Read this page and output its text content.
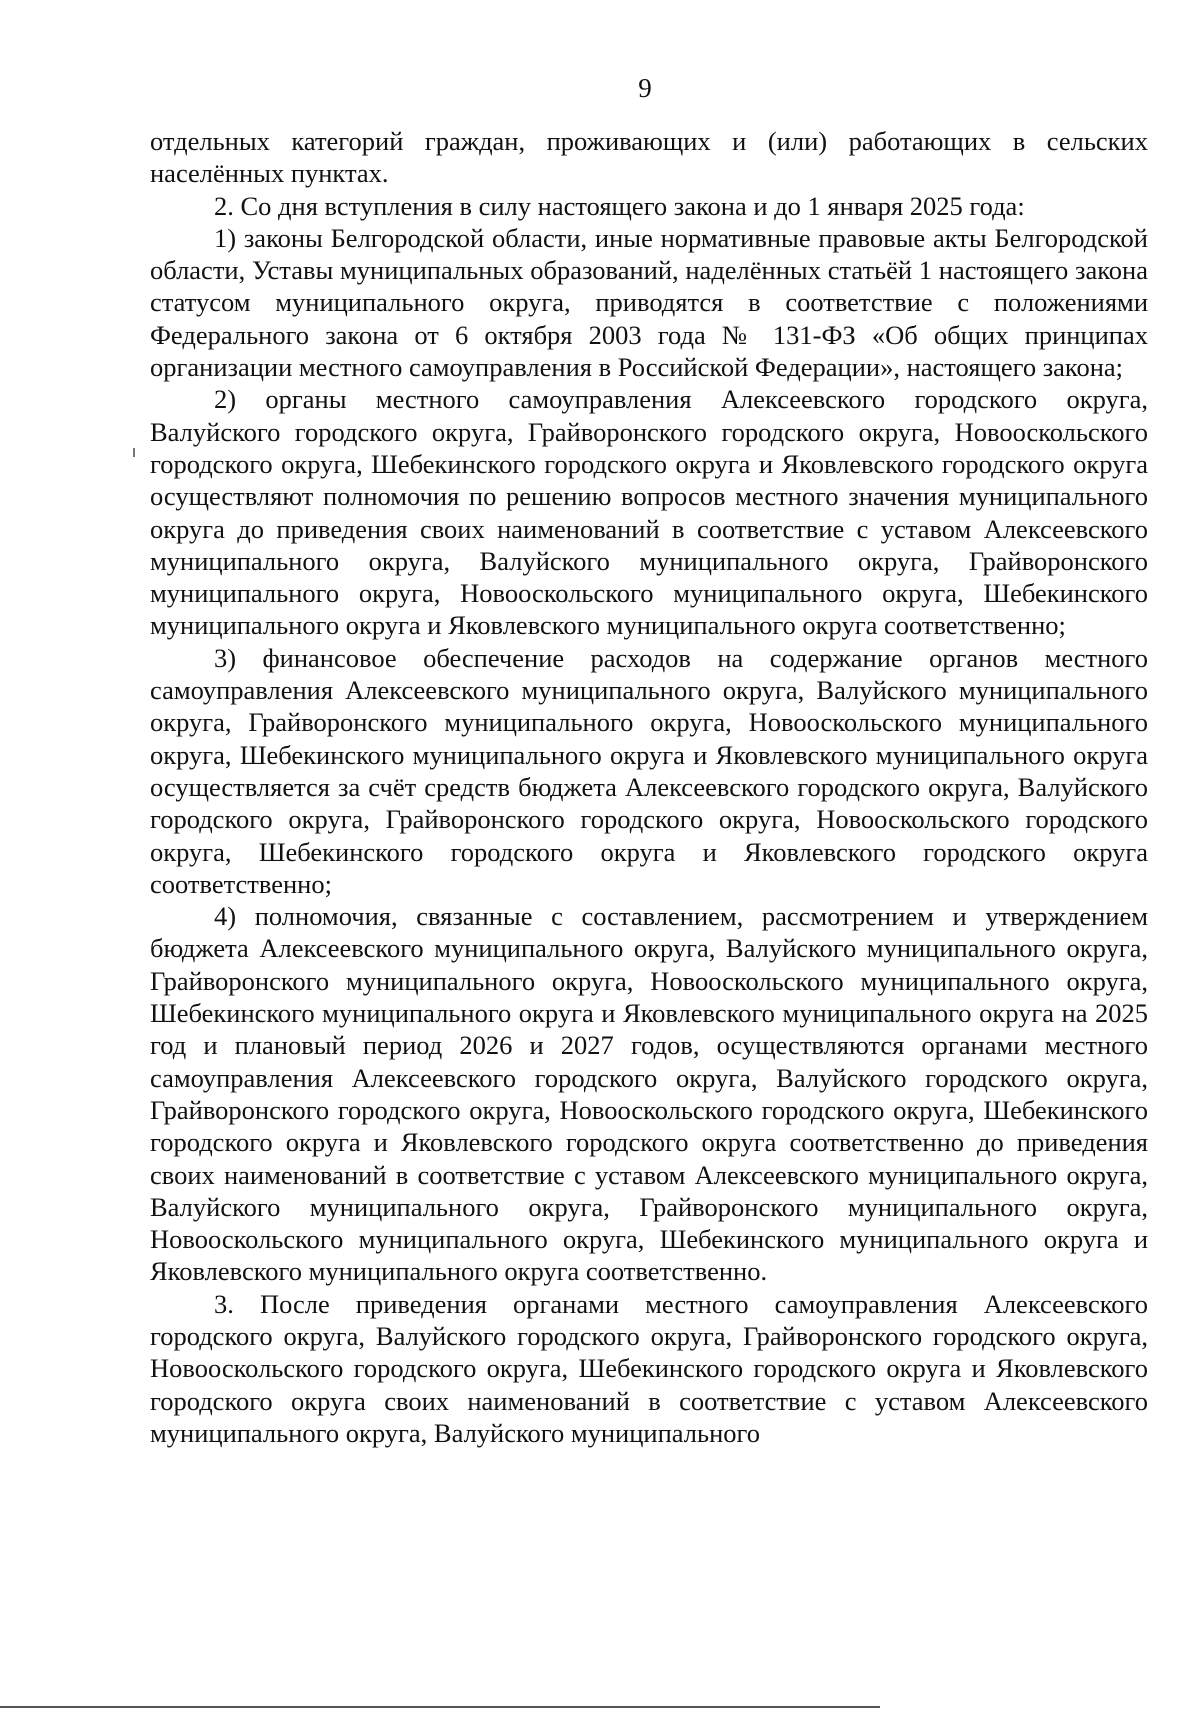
9

отдельных категорий граждан, проживающих и (или) работающих в сельских населённых пунктах.

2. Со дня вступления в силу настоящего закона и до 1 января 2025 года:

1) законы Белгородской области, иные нормативные правовые акты Белгородской области, Уставы муниципальных образований, наделённых статьёй 1 настоящего закона статусом муниципального округа, приводятся в соответствие с положениями Федерального закона от 6 октября 2003 года № 131-ФЗ «Об общих принципах организации местного самоуправления в Российской Федерации», настоящего закона;

2) органы местного самоуправления Алексеевского городского округа, Валуйского городского округа, Грайворонского городского округа, Новооскольского городского округа, Шебекинского городского округа и Яковлевского городского округа осуществляют полномочия по решению вопросов местного значения муниципального округа до приведения своих наименований в соответствие с уставом Алексеевского муниципального округа, Валуйского муниципального округа, Грайворонского муниципального округа, Новооскольского муниципального округа, Шебекинского муниципального округа и Яковлевского муниципального округа соответственно;

3) финансовое обеспечение расходов на содержание органов местного самоуправления Алексеевского муниципального округа, Валуйского муниципального округа, Грайворонского муниципального округа, Новооскольского муниципального округа, Шебекинского муниципального округа и Яковлевского муниципального округа осуществляется за счёт средств бюджета Алексеевского городского округа, Валуйского городского округа, Грайворонского городского округа, Новооскольского городского округа, Шебекинского городского округа и Яковлевского городского округа соответственно;

4) полномочия, связанные с составлением, рассмотрением и утверждением бюджета Алексеевского муниципального округа, Валуйского муниципального округа, Грайворонского муниципального округа, Новооскольского муниципального округа, Шебекинского муниципального округа и Яковлевского муниципального округа на 2025 год и плановый период 2026 и 2027 годов, осуществляются органами местного самоуправления Алексеевского городского округа, Валуйского городского округа, Грайворонского городского округа, Новооскольского городского округа, Шебекинского городского округа и Яковлевского городского округа соответственно до приведения своих наименований в соответствие с уставом Алексеевского муниципального округа, Валуйского муниципального округа, Грайворонского муниципального округа, Новооскольского муниципального округа, Шебекинского муниципального округа и Яковлевского муниципального округа соответственно.

3. После приведения органами местного самоуправления Алексеевского городского округа, Валуйского городского округа, Грайворонского городского округа, Новооскольского городского округа, Шебекинского городского округа и Яковлевского городского округа своих наименований в соответствие с уставом Алексеевского муниципального округа, Валуйского муниципального
